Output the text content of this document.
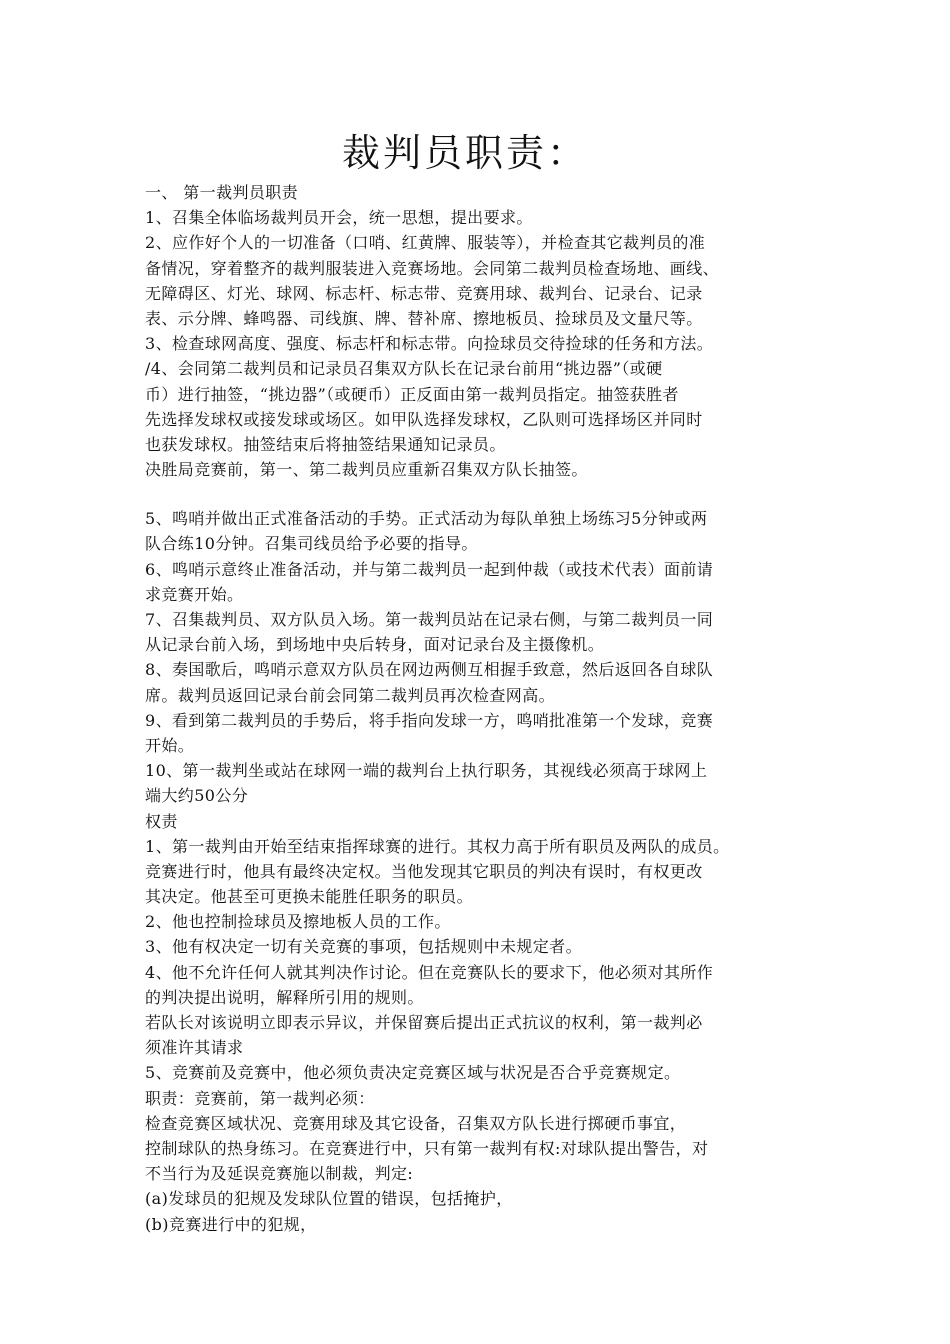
裁判员职责：
一、 第一裁判员职责
1、召集全体临场裁判员开会，统一思想，提出要求。
2、应作好个人的一切准备（口哨、红黄牌、服装等），并检查其它裁判员的准
备情况，穿着整齐的裁判服装进入竞赛场地。会同第二裁判员检查场地、画线、
无障碍区、灯光、球网、标志杆、标志带、竞赛用球、裁判台、记录台、记录
表、示分牌、蜂鸣器、司线旗、牌、替补席、擦地板员、捡球员及文量尺等。
3、检查球网高度、强度、标志杆和标志带。向捡球员交待捡球的任务和方法。
/4、会同第二裁判员和记录员召集双方队长在记录台前用“挑边器”（或硬
币）进行抽签，“挑边器”（或硬币）正反面由第一裁判员指定。抽签获胜者
先选择发球权或接发球或场区。如甲队选择发球权，乙队则可选择场区并同时
也获发球权。抽签结束后将抽签结果通知记录员。
决胜局竞赛前，第一、第二裁判员应重新召集双方队长抽签。
5、鸣哨并做出正式准备活动的手势。正式活动为每队单独上场练习5分钟或两
队合练10分钟。召集司线员给予必要的指导。
6、鸣哨示意终止准备活动，并与第二裁判员一起到仲裁（或技术代表）面前请
求竞赛开始。
7、召集裁判员、双方队员入场。第一裁判员站在记录右侧，与第二裁判员一同
从记录台前入场，到场地中央后转身，面对记录台及主摄像机。
8、奏国歌后，鸣哨示意双方队员在网边两侧互相握手致意，然后返回各自球队
席。裁判员返回记录台前会同第二裁判员再次检查网高。
9、看到第二裁判员的手势后，将手指向发球一方，鸣哨批准第一个发球，竞赛
开始。
10、第一裁判坐或站在球网一端的裁判台上执行职务，其视线必须高于球网上
端大约50公分
权责
1、第一裁判由开始至结束指挥球赛的进行。其权力高于所有职员及两队的成员。
竞赛进行时，他具有最终决定权。当他发现其它职员的判决有误时，有权更改
其决定。他甚至可更换未能胜任职务的职员。
2、他也控制捡球员及擦地板人员的工作。
3、他有权决定一切有关竞赛的事项，包括规则中未规定者。
4、他不允许任何人就其判决作讨论。但在竞赛队长的要求下，他必须对其所作
的判决提出说明，解释所引用的规则。
若队长对该说明立即表示异议，并保留赛后提出正式抗议的权利，第一裁判必
须准许其请求
5、竞赛前及竞赛中，他必须负责决定竞赛区域与状况是否合乎竞赛规定。
职责：竞赛前，第一裁判必须：
检查竞赛区域状况、竞赛用球及其它设备，召集双方队长进行掷硬币事宜，
控制球队的热身练习。在竞赛进行中，只有第一裁判有权:对球队提出警告，对
不当行为及延误竞赛施以制裁，判定:
(a)发球员的犯规及发球队位置的错误，包括掩护，
(b)竞赛进行中的犯规，
